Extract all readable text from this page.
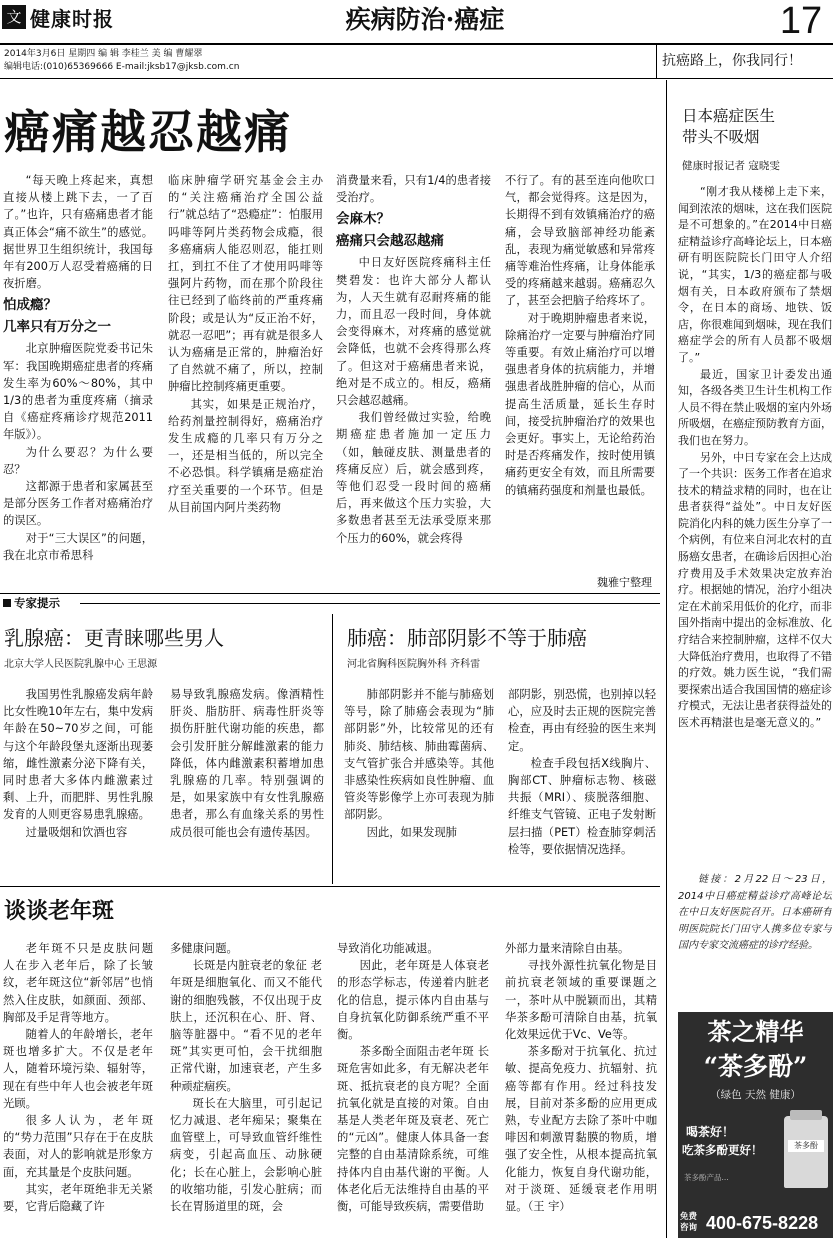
文 健康时报	疾病防治·癌症	17
2014年3月6日 星期四 编 辑 李桂兰 美 编 曹耀翠
编辑电话:(010)65369666 E-mail:jksb17@jksb.com.cn	抗癌路上，你我同行！
癌痛越忍越痛

“每天晚上疼起来，真想直接从楼上跳下去，一了百了。”也许，只有癌痛患者才能真正体会“痛不欲生”的感觉。据世界卫生组织统计，我国每年有200万人忍受着癌痛的日夜折磨。

怕成瘾？
几率只有万分之一

北京肿瘤医院党委书记朱军：我国晚期癌症患者的疼痛发生率为60%～80%，其中1/3的患者为重度疼痛（摘录自《癌症疼痛诊疗规范2011年版》）。

为什么要忍？为什么要忍？

这都源于患者和家属甚至是部分医务工作者对癌痛治疗的误区。

对于“三大误区”的问题，我在北京市希思科

临床肿瘤学研究基金会主办的“关注癌痛治疗全国公益行”就总结了“恐瘾症”：怕服用吗啡等阿片类药物会成瘾，很多癌痛病人能忍则忍，能扛则扛，到扛不住了才使用吗啡等强阿片药物，而在那个阶段往往已经到了临终前的严重疼痛阶段；或是认为“反正治不好，就忍一忍吧”；再有就是很多人认为癌痛是正常的，肿瘤治好了自然就不痛了，所以，控制肿瘤比控制疼痛更重要。

其实，如果是正规治疗，给药剂量控制得好，癌痛治疗发生成瘾的几率只有万分之一，还是相当低的，所以完全不必恐惧。科学镇痛是癌症治疗至关重要的一个环节。但是从目前国内阿片类药物

消费量来看，只有1/4的患者接受治疗。

会麻木？
癌痛只会越忍越痛

中日友好医院疼痛科主任樊碧发：也许大部分人都认为，人天生就有忍耐疼痛的能力，而且忍一段时间，身体就会变得麻木，对疼痛的感觉就会降低，也就不会疼得那么疼了。但这对于癌痛患者来说，绝对是不成立的。相反，癌痛只会越忍越痛。

我们曾经做过实验，给晚期癌症患者施加一定压力（如，触碰皮肤、测量患者的疼痛反应）后，就会感到疼，等他们忍受一段时间的癌痛后，再来做这个压力实验，大多数患者甚至无法承受原来那个压力的60%，就会疼得

不行了。有的甚至连向他吹口气，都会觉得疼。这是因为，长期得不到有效镇痛治疗的癌痛，会导致脑部神经功能紊乱，表现为痛觉敏感和异常疼痛等难治性疼痛，让身体能承受的疼痛越来越弱。癌痛忍久了，甚至会把脑子给疼坏了。

对于晚期肿瘤患者来说，除痛治疗一定要与肿瘤治疗同等重要。有效止痛治疗可以增强患者身体的抗病能力，并增强患者战胜肿瘤的信心，从而提高生活质量，延长生存时间，接受抗肿瘤治疗的效果也会更好。事实上，无论给药治时是否疼痛发作，按时使用镇痛药更安全有效，而且所需要的镇痛药强度和剂量也最低。

魏雅宁整理
专家提示
乳腺癌：更青睐哪些男人
北京大学人民医院乳腺中心 王思源

我国男性乳腺癌发病年龄比女性晚10年左右，集中发病年龄在50~70岁之间，可能与这个年龄段堡丸逐渐出现萎缩，雌性激素分泌下降有关，同时患者大多体内雌激素过剩、上升，而肥胖、男性乳腺发育的人则更容易患乳腺癌。

过量吸烟和饮酒也容

易导致乳腺癌发病。像酒精性肝炎、脂肪肝、病毒性肝炎等损伤肝脏代谢功能的疾患，都会引发肝脏分解雌激素的能力降低，体内雌激素积蓄增加患乳腺癌的几率。特别强调的是，如果家族中有女性乳腺癌患者，那么有血缘关系的男性成员很可能也会有遗传基因。

肺癌：肺部阴影不等于肺癌
河北省胸科医院胸外科 齐科雷

肺部阴影并不能与肺癌划等号，除了肺癌会表现为“肺部阴影”外，比较常见的还有肺炎、肺结核、肺曲霉菌病、支气管扩张合并感染等。其他非感染性疾病如良性肿瘤、血管炎等影像学上亦可表现为肺部阴影。

因此，如果发现肺

部阴影，别恐慌，也别掉以轻心，应及时去正规的医院完善检查，再由有经验的医生来判定。

检查手段包括X线胸片、胸部CT、肿瘤标志物、核磁共振（MRI）、痰脱落细胞、纤维支气管镜、正电子发射断层扫描（PET）检查肺穿刺活检等，要依据情况选择。

谈谈老年斑

老年斑不只是皮肤问题 人在步入老年后，除了长皱纹，老年斑这位“新邻居”也悄然入住皮肤，如颜面、颈部、胸部及手足背等地方。

随着人的年龄增长，老年斑也增多扩大。不仅是老年人，随着环境污染、辐射等，现在有些中年人也会被老年斑光顾。

很多人认为，老年斑的“势力范围”只存在于在皮肤表面，对人的影响就是形象方面，充其量是个皮肤问题。

其实，老年斑绝非无关紧要，它背后隐藏了许

多健康问题。

长斑是内脏衰老的象征 老年斑是细胞氧化、而又不能代谢的细胞残骸，不仅出现于皮肤上，还沉积在心、肝、肾、脑等脏器中。“看不见的老年斑”其实更可怕，会干扰细胞正常代谢，加速衰老，产生多种顽症痼疾。

斑长在大脑里，可引起记忆力减退、老年痴呆；聚集在血管壁上，可导致血管纤维性病变，引起高血压、动脉硬化；长在心脏上，会影响心脏的收缩功能，引发心脏病；而长在胃肠道里的斑，会

导致消化功能减退。

因此，老年斑是人体衰老的形态学标志，传递着内脏老化的信息，提示体内自由基与自身抗氧化防御系统严重不平衡。

茶多酚全面阻击老年斑 长斑危害如此多，有无解决老年斑、抵抗衰老的良方呢？全面抗氧化就是直接的对策。自由基是人类老年斑及衰老、死亡的“元凶”。健康人体具备一套完整的自由基清除系统，可维持体内自由基代谢的平衡。人体老化后无法维持自由基的平衡，可能导致疾病，需要借助

外部力量来清除自由基。

寻找外源性抗氧化物是目前抗衰老领域的重要课题之一，茶叶从中脱颖而出，其精华茶多酚可清除自由基，抗氧化效果远优于Vc、Ve等。

茶多酚对于抗氧化、抗过敏、提高免疫力、抗辐射、抗癌等都有作用。经过科技发展，目前对茶多酚的应用更成熟，专业配方去除了茶叶中咖啡因和刺激胃黏膜的物质，增强了安全性，从根本提高抗氧化能力，恢复自身代谢功能，对于淡斑、延缓衰老作用明显。（王 宇）

日本癌症医生
带头不吸烟
健康时报记者 寇晓雯

“刚才我从楼梯上走下来，闻到浓浓的烟味，这在我们医院是不可想象的。”在2014中日癌症精益诊疗高峰论坛上，日本癌研有明医院院长门田守人介绍说，“其实，1/3的癌症都与吸烟有关，日本政府颁布了禁烟令，在日本的商场、地铁、饭店，你很难闻到烟味，现在我们癌症学会的所有人员都不吸烟了。”

最近，国家卫计委发出通知，各级各类卫生计生机构工作人员不得在禁止吸烟的室内外场所吸烟，在癌症预防教育方面，我们也在努力。

另外，中日专家在会上达成了一个共识：医务工作者在追求技术的精益求精的同时，也在让患者获得“益处”。中日友好医院消化内科的姚力医生分享了一个病例，有位来自河北农村的直肠癌女患者，在确诊后因担心治疗费用及手术效果决定放弃治疗。根据她的情况，治疗小组决定在术前采用低价的化疗，而非国外指南中提出的金标准放、化疗结合来控制肿瘤，这样不仅大大降低治疗费用，也取得了不错的疗效。姚力医生说，“我们需要探索出适合我国国情的癌症诊疗模式，无法让患者获得益处的医术再精湛也是毫无意义的。”

链接：2月22日～23日，2014中日癌症精益诊疗高峰论坛在中日友好医院召开。日本癌研有明医院院长门田守人携多位专家与国内专家交流癌症的诊疗经验。

茶之精华
“茶多酚”
（绿色 天然 健康）
喝茶好！
吃茶多酚更好！	茶多酚
茶多酚产品...
免费
咨询 400-675-8228
